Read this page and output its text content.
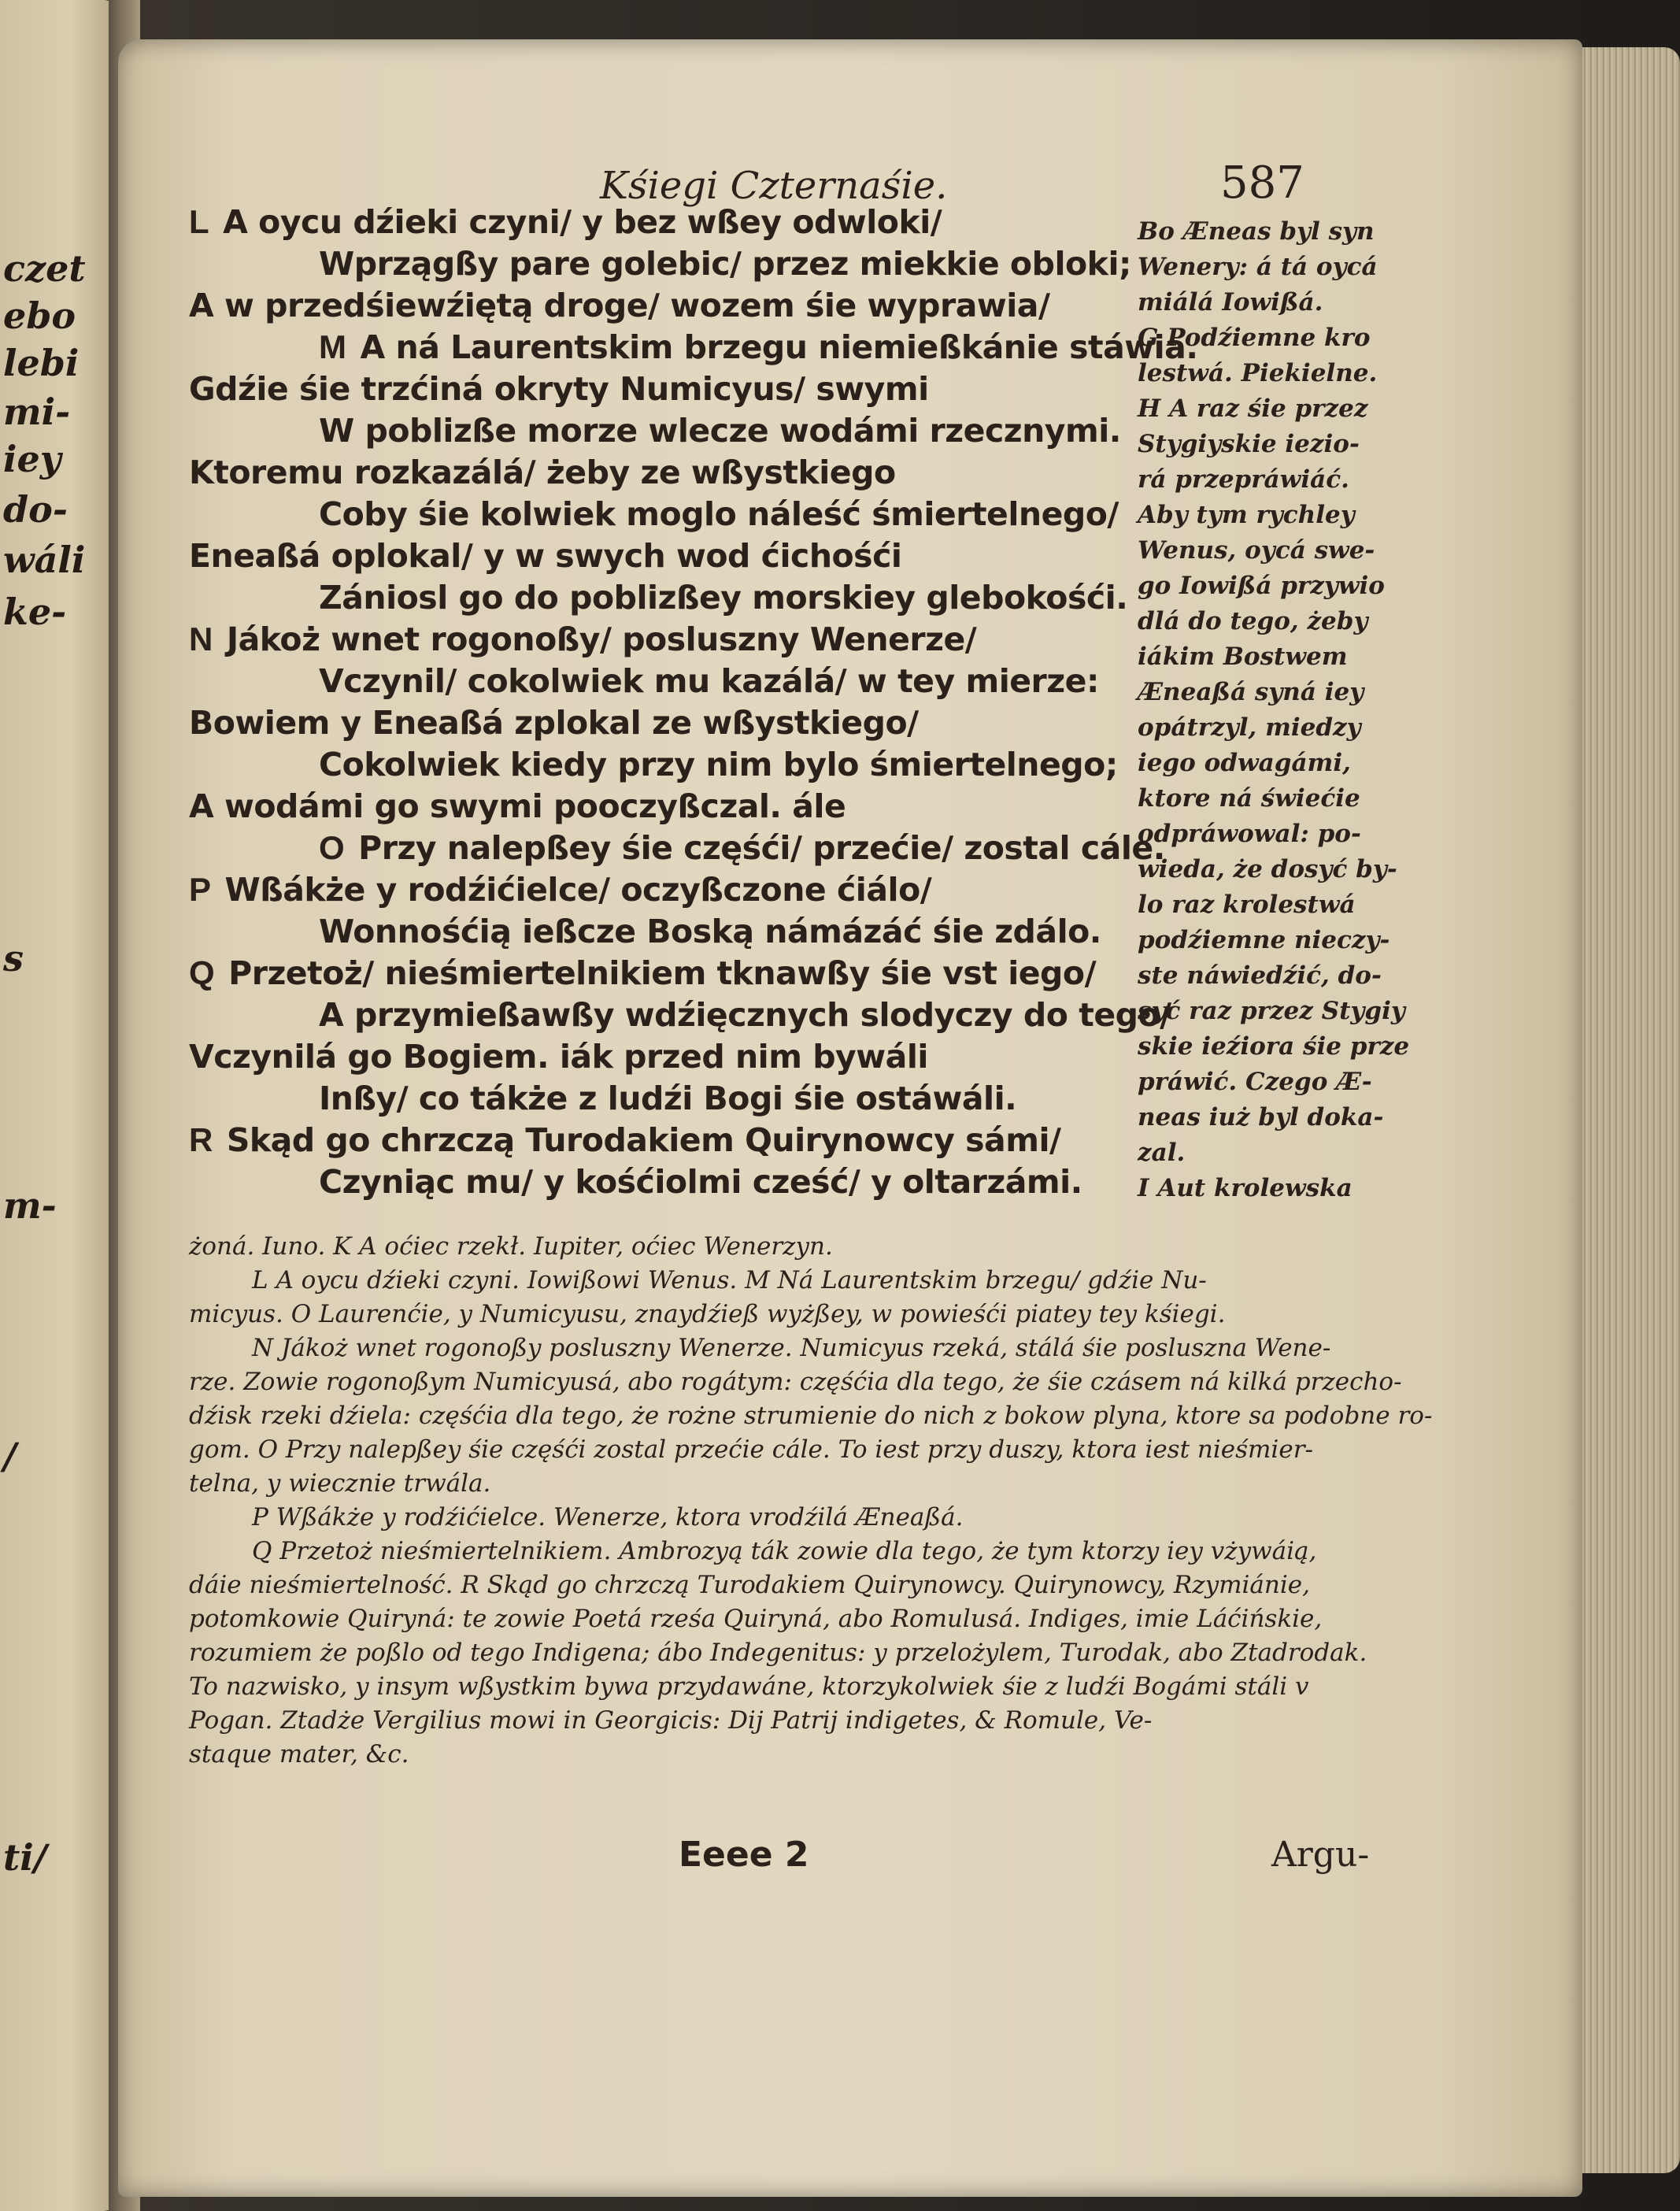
czet
ebo
lebi
mi-
iey
do-
wáli
ke-
s
m-
/
ti/
Kśiegi Czternaśie.	587
L A oycu dźieki czyni/ y bez wßey odwloki/
Wprzągßy pare golebic/ przez miekkie obloki;
A w przedśiewźiętą droge/ wozem śie wyprawia/
M A ná Laurentskim brzegu niemießkánie stáwia.
Gdźie śie trzćiná okryty Numicyus/ swymi
W poblizße morze wlecze wodámi rzecznymi.
Ktoremu rozkazálá/ żeby ze wßystkiego
Coby śie kolwiek moglo náleść śmiertelnego/
Eneaßá oplokal/ y w swych wod ćichośći
Zániosl go do poblizßey morskiey glebokośći.
N Jákoż wnet rogonoßy/ posluszny Wenerze/
Vczynil/ cokolwiek mu kazálá/ w tey mierze:
Bowiem y Eneaßá zplokal ze wßystkiego/
Cokolwiek kiedy przy nim bylo śmiertelnego;
A wodámi go swymi pooczyßczal. ále
O Przy nalepßey śie częśći/ przećie/ zostal cále.
P Wßákże y rodźićielce/ oczyßczone ćiálo/
Wonnośćią ießcze Boską námázáć śie zdálo.
Q Przetoż/ nieśmiertelnikiem tknawßy śie vst iego/
A przymießawßy wdźięcznych slodyczy do tego/
Vczynilá go Bogiem. iák przed nim bywáli
Inßy/ co tákże z ludźi Bogi śie ostáwáli.
R Skąd go chrzczą Turodakiem Quirynowcy sámi/
Czyniąc mu/ y kośćiolmi cześć/ y oltarzámi.
Bo Æneas byl syn
Wenery: á tá oycá
miálá Iowißá.
G Podźiemne kro
lestwá. Piekielne.
H A raz śie przez
Stygiyskie iezio-
rá przepráwiáć.
Aby tym rychley
Wenus, oycá swe-
go Iowißá przywio
dlá do tego, żeby
iákim Bostwem
Æneaßá syná iey
opátrzyl, miedzy
iego odwagámi,
ktore ná świećie
odpráwowal: po-
wieda, że dosyć by-
lo raz krolestwá
podźiemne nieczy-
ste náwiedźić, do-
syć raz przez Stygiy
skie ieźiora śie prze
práwić. Czego Æ-
neas iuż byl doka-
zal.
I Aut krolewska
żoná. Iuno. K A oćiec rzekł. Iupiter, oćiec Wenerzyn.
L A oycu dźieki czyni. Iowißowi Wenus. M Ná Laurentskim brzegu/ gdźie Nu-
micyus. O Laurenćie, y Numicyusu, znaydźieß wyżßey, w powieśći piatey tey kśiegi.
N Jákoż wnet rogonoßy posluszny Wenerze. Numicyus rzeká, stálá śie posluszna Wene-
rze. Zowie rogonoßym Numicyusá, abo rogátym: częśćia dla tego, że śie czásem ná kilká przecho-
dźisk rzeki dźiela: częśćia dla tego, że rożne strumienie do nich z bokow plyna, ktore sa podobne ro-
gom. O Przy nalepßey śie częśći zostal przećie cále. To iest przy duszy, ktora iest nieśmier-
telna, y wiecznie trwála.
P Wßákże y rodźićielce. Wenerze, ktora vrodźilá Æneaßá.
Q Przetoż nieśmiertelnikiem. Ambrozyą ták zowie dla tego, że tym ktorzy iey vżywáią,
dáie nieśmiertelność. R Skąd go chrzczą Turodakiem Quirynowcy. Quirynowcy, Rzymiánie,
potomkowie Quiryná: te zowie Poetá rześa Quiryná, abo Romulusá. Indiges, imie Láćińskie,
rozumiem że poßlo od tego Indigena; ábo Indegenitus: y przelożylem, Turodak, abo Ztadrodak.
To nazwisko, y insym wßystkim bywa przydawáne, ktorzykolwiek śie z ludźi Bogámi stáli v
Pogan. Ztadże Vergilius mowi in Georgicis: Dij Patrij indigetes, & Romule, Ve-
staque mater, &c.
Eeee 2	Argu-
